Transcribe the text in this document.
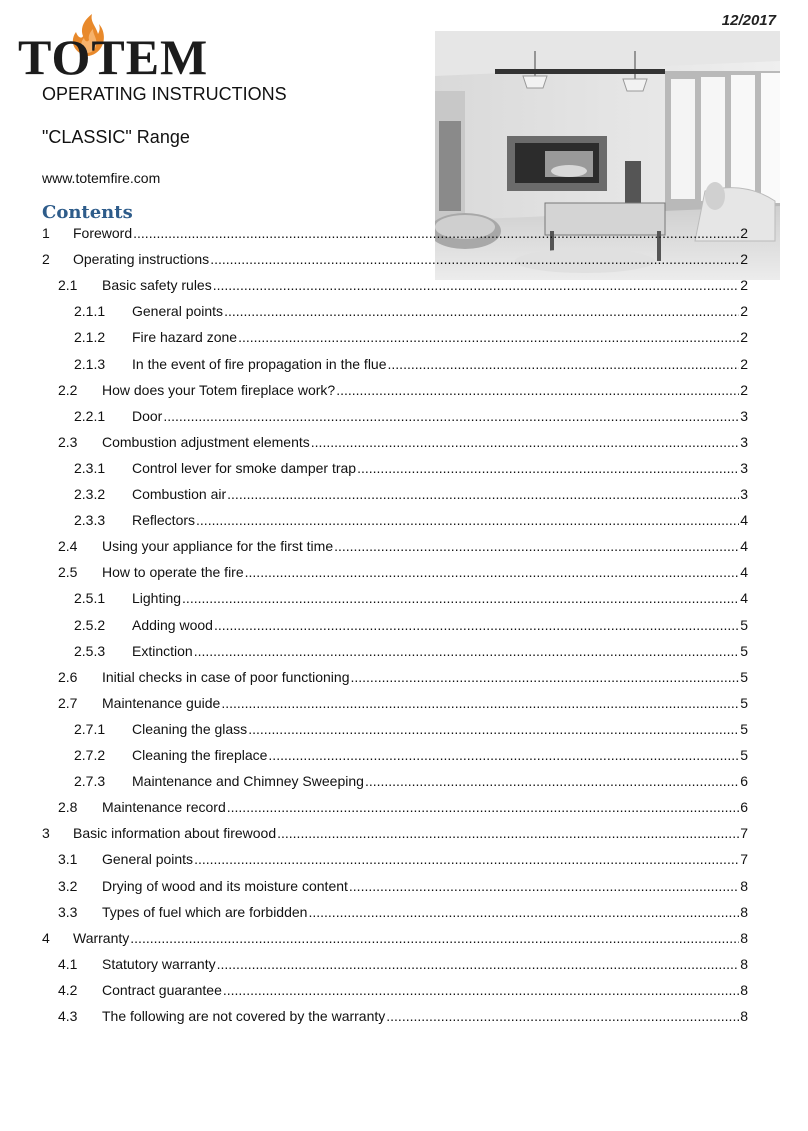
12/2017
TOTEM
OPERATING INSTRUCTIONS
"CLASSIC" Range
www.totemfire.com
Contents
1	Foreword .....	2
2	Operating instructions .....	2
2.1	Basic safety rules .....	2
2.1.1	General points .....	2
2.1.2	Fire hazard zone .....	2
2.1.3	In the event of fire propagation in the flue .....	2
2.2	How does your Totem fireplace work? .....	2
2.2.1	Door .....	3
2.3	Combustion adjustment elements .....	3
2.3.1	Control lever for smoke damper trap .....	3
2.3.2	Combustion air .....	3
2.3.3	Reflectors .....	4
2.4	Using your appliance for the first time .....	4
2.5	How to operate the fire .....	4
2.5.1	Lighting .....	4
2.5.2	Adding wood .....	5
2.5.3	Extinction .....	5
2.6	Initial checks in case of poor functioning .....	5
2.7	Maintenance guide .....	5
2.7.1	Cleaning the glass .....	5
2.7.2	Cleaning the fireplace .....	5
2.7.3	Maintenance and Chimney Sweeping .....	6
2.8	Maintenance record .....	6
3	Basic information about firewood .....	7
3.1	General points .....	7
3.2	Drying of wood and its moisture content .....	8
3.3	Types of fuel which are forbidden .....	8
4	Warranty .....	8
4.1	Statutory warranty .....	8
4.2	Contract guarantee .....	8
4.3	The following are not covered by the warranty .....	8
